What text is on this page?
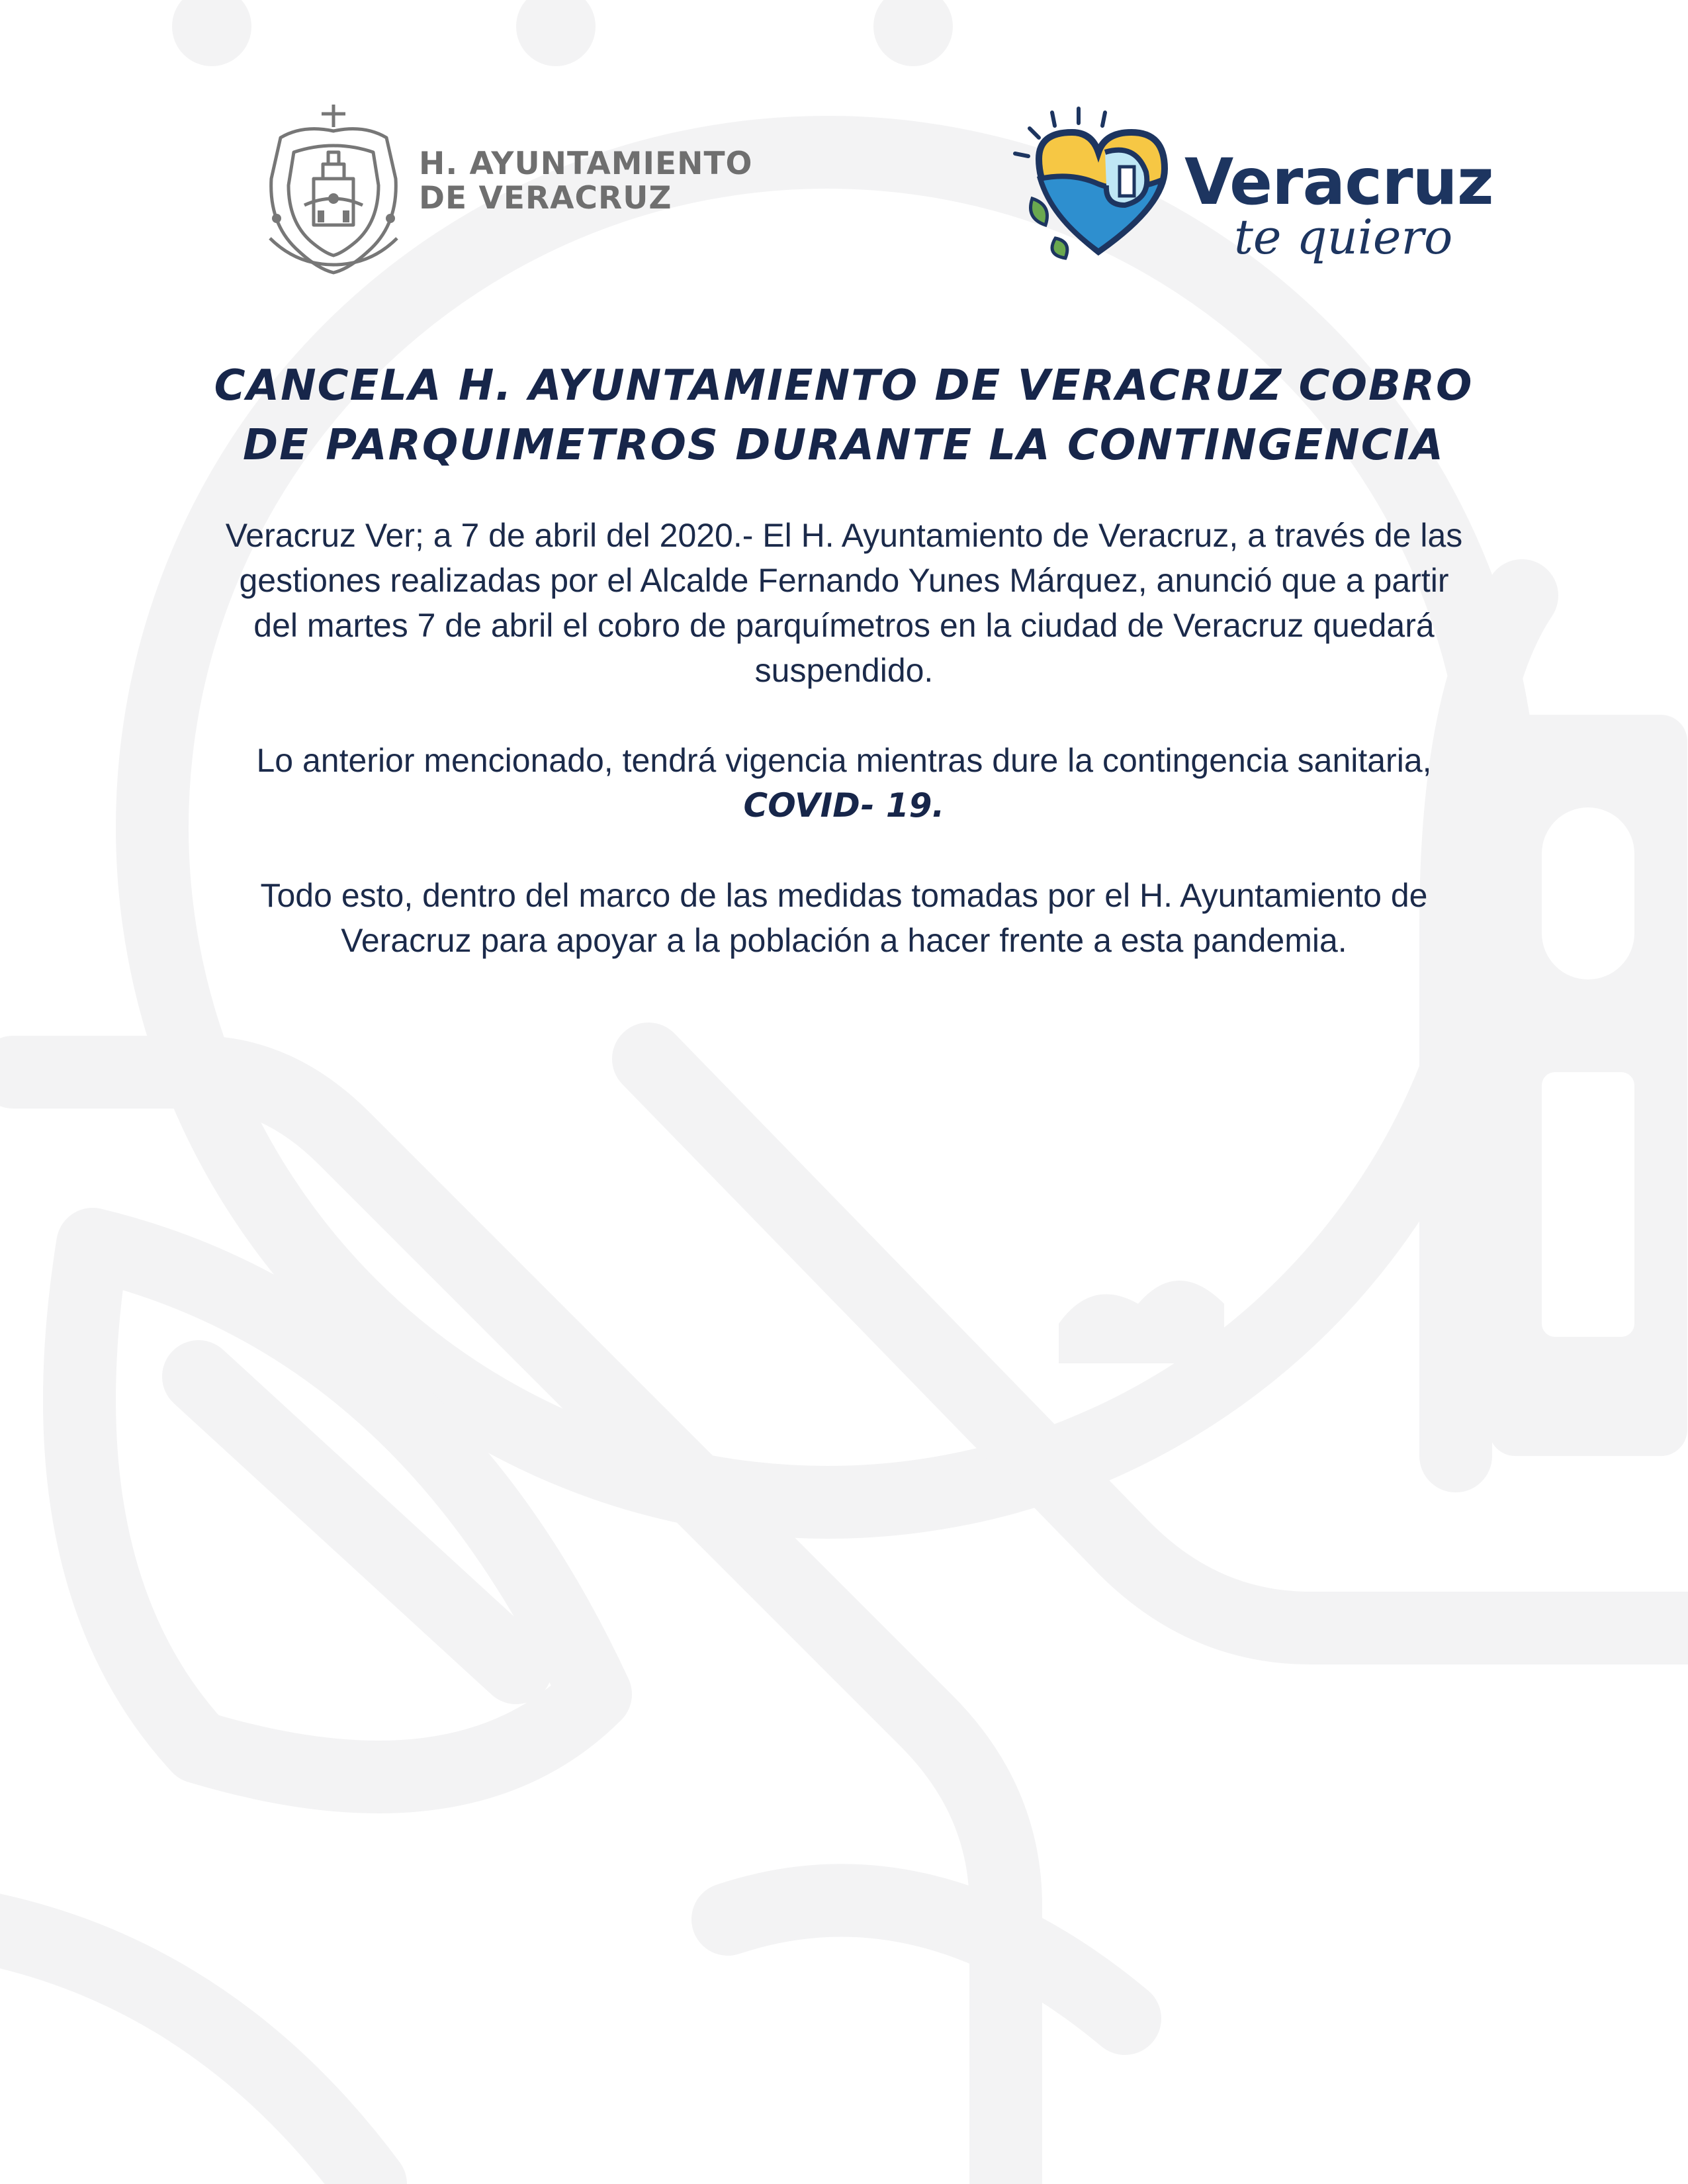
H. AYUNTAMIENTO
DE VERACRUZ	Veracruz
te quiero
CANCELA H. AYUNTAMIENTO DE VERACRUZ COBRO
DE PARQUIMETROS DURANTE LA CONTINGENCIA

Veracruz Ver; a 7 de abril del 2020.- El H. Ayuntamiento de Veracruz, a través de las
gestiones realizadas por el Alcalde Fernando Yunes Márquez, anunció que a partir
del martes 7 de abril el cobro de parquímetros en la ciudad de Veracruz quedará
suspendido.

Lo anterior mencionado, tendrá vigencia mientras dure la contingencia sanitaria,
COVID- 19.

Todo esto, dentro del marco de las medidas tomadas por el H. Ayuntamiento de
Veracruz para apoyar a la población a hacer frente a esta pandemia.
